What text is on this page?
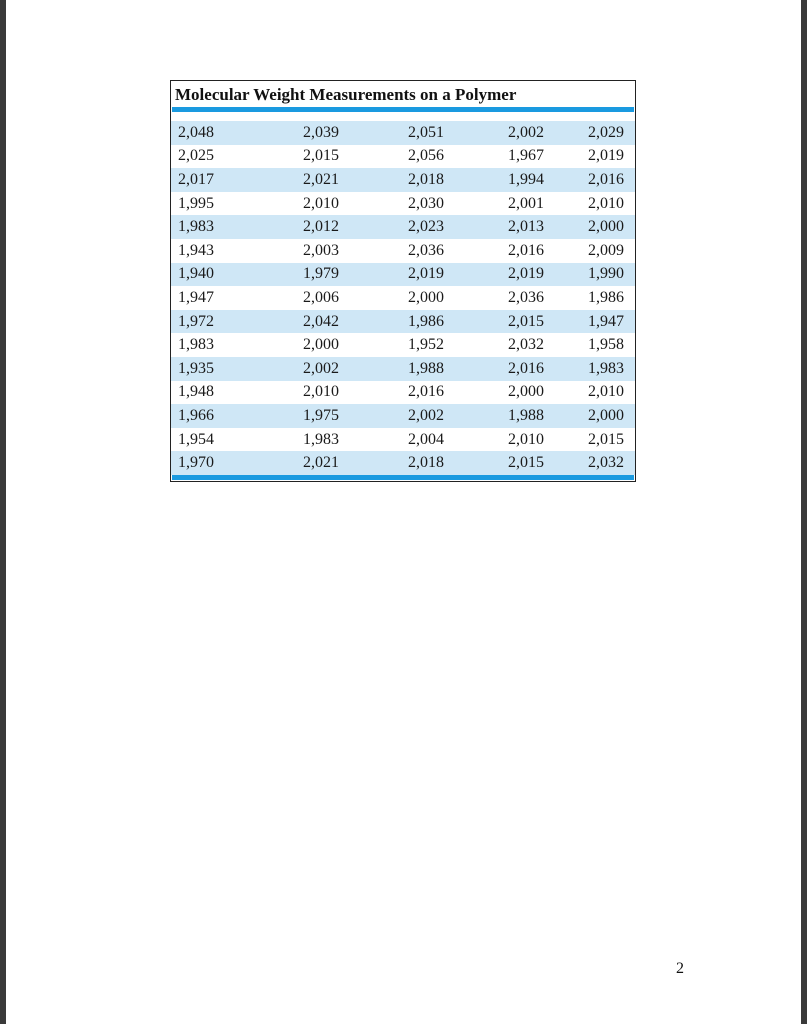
Molecular Weight Measurements on a Polymer
2,048	2,039	2,051	2,002	2,029
2,025	2,015	2,056	1,967	2,019
2,017	2,021	2,018	1,994	2,016
1,995	2,010	2,030	2,001	2,010
1,983	2,012	2,023	2,013	2,000
1,943	2,003	2,036	2,016	2,009
1,940	1,979	2,019	2,019	1,990
1,947	2,006	2,000	2,036	1,986
1,972	2,042	1,986	2,015	1,947
1,983	2,000	1,952	2,032	1,958
1,935	2,002	1,988	2,016	1,983
1,948	2,010	2,016	2,000	2,010
1,966	1,975	2,002	1,988	2,000
1,954	1,983	2,004	2,010	2,015
1,970	2,021	2,018	2,015	2,032
2
